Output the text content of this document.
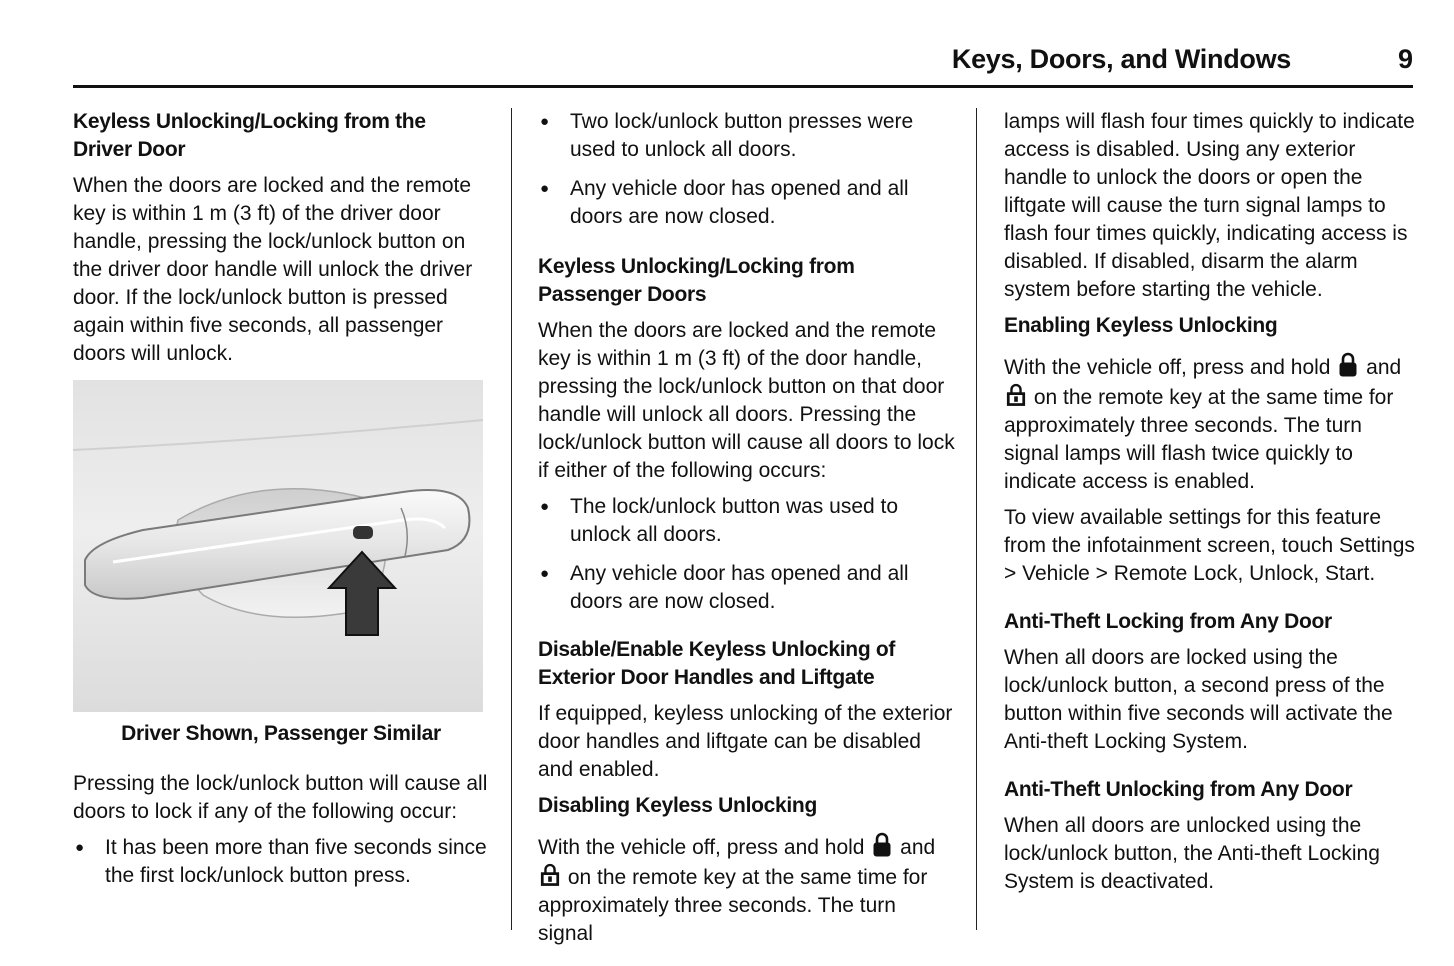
Keys, Doors, and Windows	9
Keyless Unlocking/Locking from the Driver Door

When the doors are locked and the remote key is within 1 m (3 ft) of the driver door handle, pressing the lock/unlock button on the driver door handle will unlock the driver door. If the lock/unlock button is pressed again within five seconds, all passenger doors will unlock.

Driver Shown, Passenger Similar

Pressing the lock/unlock button will cause all doors to lock if any of the following occur:

● It has been more than five seconds since the first lock/unlock button press.
● Two lock/unlock button presses were used to unlock all doors.
● Any vehicle door has opened and all doors are now closed.
Keyless Unlocking/Locking from Passenger Doors

When the doors are locked and the remote key is within 1 m (3 ft) of the door handle, pressing the lock/unlock button on that door handle will unlock all doors. Pressing the lock/unlock button will cause all doors to lock if either of the following occurs:

● The lock/unlock button was used to unlock all doors.
● Any vehicle door has opened and all doors are now closed.
Disable/Enable Keyless Unlocking of Exterior Door Handles and Liftgate

If equipped, keyless unlocking of the exterior door handles and liftgate can be disabled and enabled.

Disabling Keyless Unlocking

With the vehicle off, press and hold and  on the remote key at the same time for approximately three seconds. The turn signal

lamps will flash four times quickly to indicate access is disabled. Using any exterior handle to unlock the doors or open the liftgate will cause the turn signal lamps to flash four times quickly, indicating access is disabled. If disabled, disarm the alarm system before starting the vehicle.

Enabling Keyless Unlocking

With the vehicle off, press and hold and  on the remote key at the same time for approximately three seconds. The turn signal lamps will flash twice quickly to indicate access is enabled.

To view available settings for this feature from the infotainment screen, touch Settings > Vehicle > Remote Lock, Unlock, Start.

Anti-Theft Locking from Any Door

When all doors are locked using the lock/unlock button, a second press of the button within five seconds will activate the Anti-theft Locking System.

Anti-Theft Unlocking from Any Door

When all doors are unlocked using the lock/unlock button, the Anti-theft Locking System is deactivated.
